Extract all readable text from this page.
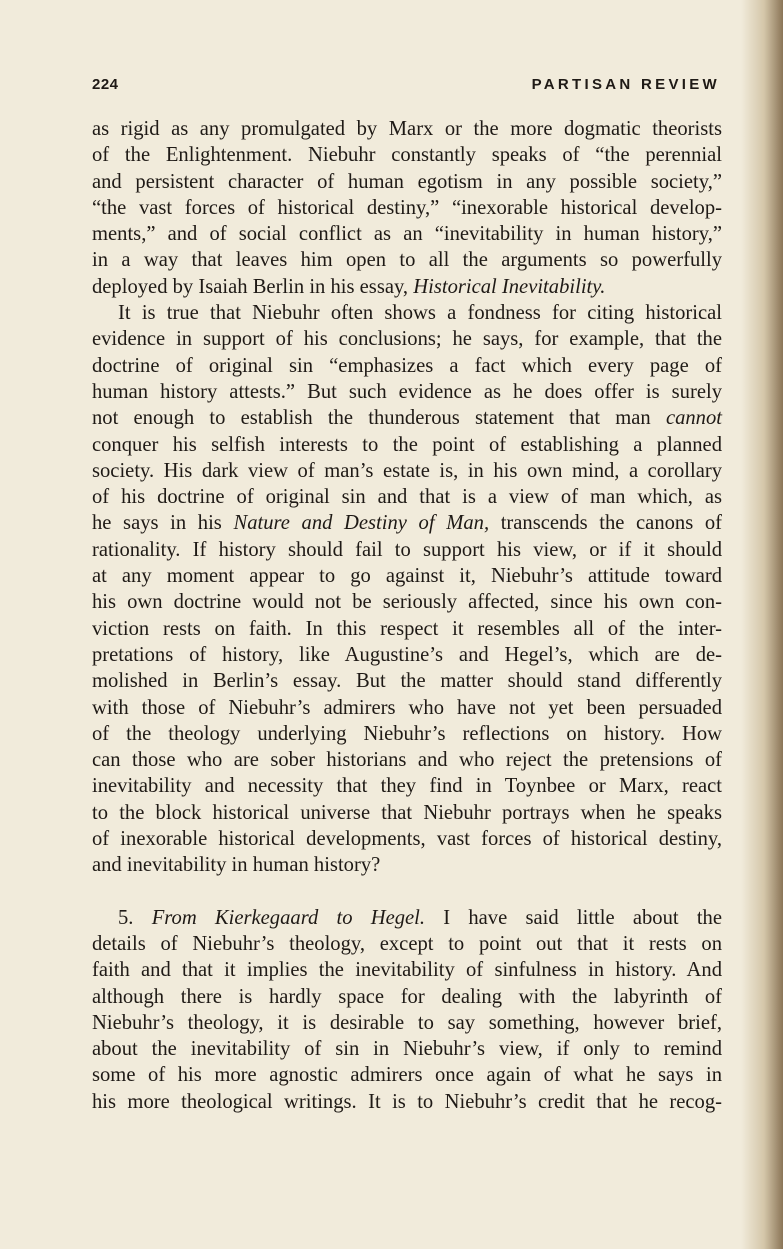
224	PARTISAN REVIEW
as rigid as any promulgated by Marx or the more dogmatic theorists
of the Enlightenment. Niebuhr constantly speaks of “the perennial
and persistent character of human egotism in any possible society,”
“the vast forces of historical destiny,” “inexorable historical develop-
ments,” and of social conflict as an “inevitability in human history,”
in a way that leaves him open to all the arguments so powerfully
deployed by Isaiah Berlin in his essay, Historical Inevitability.
It is true that Niebuhr often shows a fondness for citing historical
evidence in support of his conclusions; he says, for example, that the
doctrine of original sin “emphasizes a fact which every page of
human history attests.” But such evidence as he does offer is surely
not enough to establish the thunderous statement that man cannot
conquer his selfish interests to the point of establishing a planned
society. His dark view of man’s estate is, in his own mind, a corollary
of his doctrine of original sin and that is a view of man which, as
he says in his Nature and Destiny of Man, transcends the canons of
rationality. If history should fail to support his view, or if it should
at any moment appear to go against it, Niebuhr’s attitude toward
his own doctrine would not be seriously affected, since his own con-
viction rests on faith. In this respect it resembles all of the inter-
pretations of history, like Augustine’s and Hegel’s, which are de-
molished in Berlin’s essay. But the matter should stand differently
with those of Niebuhr’s admirers who have not yet been persuaded
of the theology underlying Niebuhr’s reflections on history. How
can those who are sober historians and who reject the pretensions of
inevitability and necessity that they find in Toynbee or Marx, react
to the block historical universe that Niebuhr portrays when he speaks
of inexorable historical developments, vast forces of historical destiny,
and inevitability in human history?
5. From Kierkegaard to Hegel. I have said little about the
details of Niebuhr’s theology, except to point out that it rests on
faith and that it implies the inevitability of sinfulness in history. And
although there is hardly space for dealing with the labyrinth of
Niebuhr’s theology, it is desirable to say something, however brief,
about the inevitability of sin in Niebuhr’s view, if only to remind
some of his more agnostic admirers once again of what he says in
his more theological writings. It is to Niebuhr’s credit that he recog-
